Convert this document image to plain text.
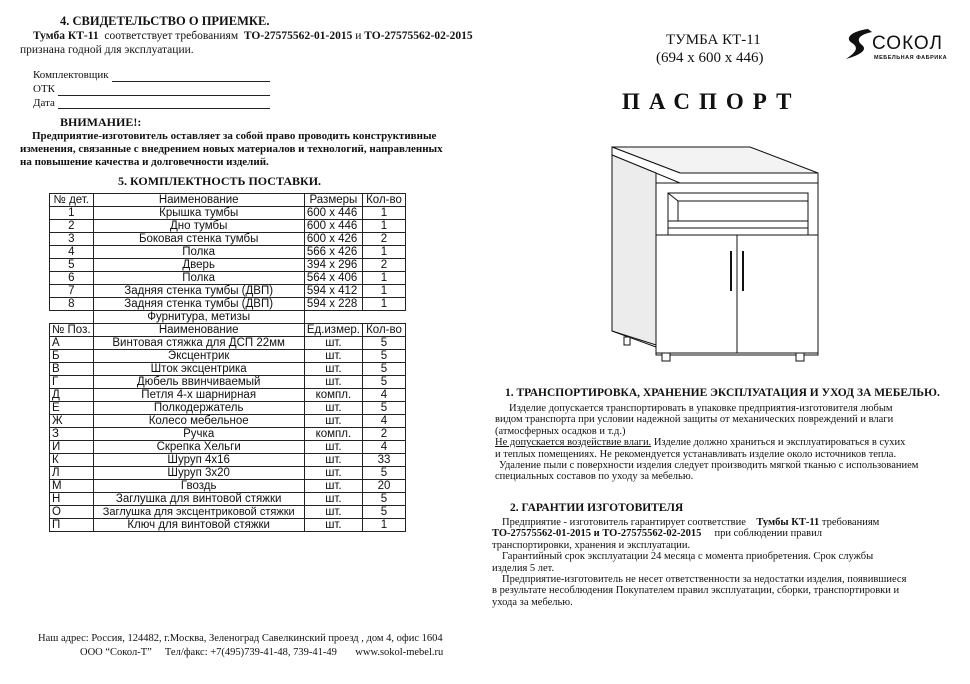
4. СВИДЕТЕЛЬСТВО О ПРИЕМКЕ.
Тумба КТ-11 соответствует требованиям ТО-27575562-01-2015 и ТО-27575562-02-2015
признана годной для эксплуатации.
Комплектовщик
ОТК
Дата
ВНИМАНИЕ!:
Предприятие-изготовитель оставляет за собой право проводить конструктивные
изменения, связанные с внедрением новых материалов и технологий, направленных
на повышение качества и долговечности изделий.
5. КОМПЛЕКТНОСТЬ ПОСТАВКИ.
№ дет.	Наименование	Размеры	Кол-во
1	Крышка тумбы	600 х 446	1
2	Дно тумбы	600 х 446	1
3	Боковая стенка тумбы	600 х 426	2
4	Полка	566 х 426	1
5	Дверь	394 х 296	2
6	Полка	564 х 406	1
7	Задняя стенка тумбы (ДВП)	594 х 412	1
8	Задняя стенка тумбы (ДВП)	594 х 228	1
	Фурнитура, метизы		
№ Поз.	Наименование	Ед.измер.	Кол-во
А	Винтовая стяжка для ДСП 22мм	шт.	5
Б	Эксцентрик	шт.	5
В	Шток эксцентрика	шт.	5
Г	Дюбель ввинчиваемый	шт.	5
Д	Петля 4-х шарнирная	компл.	4
Е	Полкодержатель	шт.	5
Ж	Колесо мебельное	шт.	4
З	Ручка	компл.	2
И	Скрепка Хельги	шт.	4
К	Шуруп 4х16	шт.	33
Л	Шуруп 3х20	шт.	5
М	Гвоздь	шт.	20
Н	Заглушка для винтовой стяжки	шт.	5
О	Заглушка для эксцентриковой стяжки	шт.	5
П	Ключ для винтовой стяжки	шт.	1
Наш адрес: Россия, 124482, г.Москва, Зеленоград Савелкинский проезд , дом 4, офис 1604
ООО “Сокол-Т” Тел/факс: +7(495)739-41-48, 739-41-49 www.sokol-mebel.ru
ТУМБА КТ-11
(694 х 600 х 446)
СОКОЛ
МЕБЕЛЬНАЯ ФАБРИКА
ПАСПОРТ
1. ТРАНСПОРТИРОВКА, ХРАНЕНИЕ ЭКСПЛУАТАЦИЯ И УХОД ЗА МЕБЕЛЬЮ.
Изделие допускается транспортировать в упаковке предприятия-изготовителя любым
видом транспорта при условии надежной защиты от механических повреждений и влаги
(атмосферных осадков и т.д.)
Не допускается воздействие влаги. Изделие должно храниться и эксплуатироваться в сухих
и теплых помещениях. Не рекомендуется устанавливать изделие около источников тепла.
Удаление пыли с поверхности изделия следует производить мягкой тканью с использованием
специальных составов по уходу за мебелью.
2. ГАРАНТИИ ИЗГОТОВИТЕЛЯ
Предприятие - изготовитель гарантирует соответствие Тумбы КТ-11 требованиям
ТО-27575562-01-2015 и ТО-27575562-02-2015 при соблюдении правил
транспортировки, хранения и эксплуатации.
Гарантийный срок эксплуатации 24 месяца с момента приобретения. Срок службы
изделия 5 лет.
Предприятие-изготовитель не несет ответственности за недостатки изделия, появившиеся
в результате несоблюдения Покупателем правил эксплуатации, сборки, транспортировки и
ухода за мебелью.
